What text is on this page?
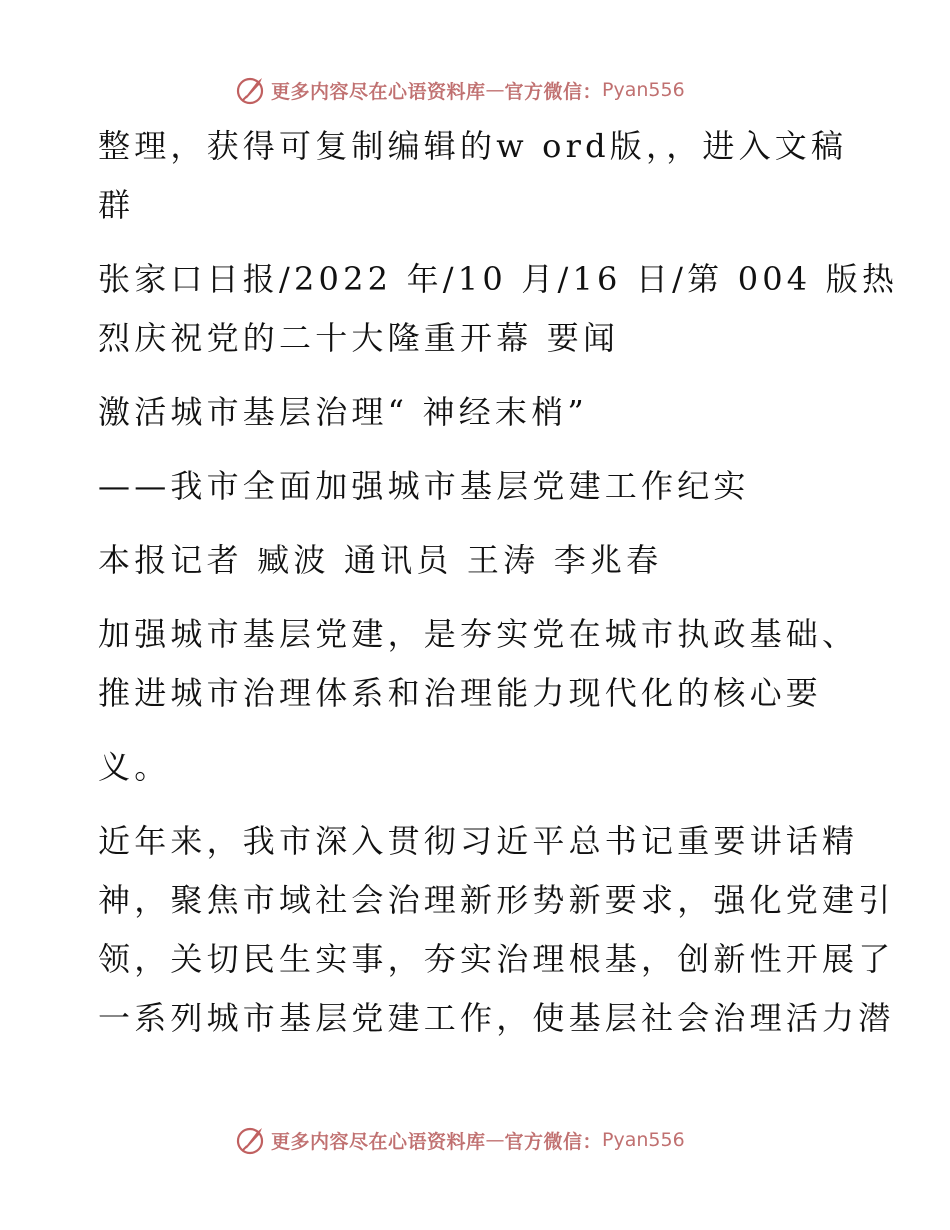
更多内容尽在心语资料库 — 官方微信： Pyan556
整理，获得可复制编辑的w ord版，，进入文稿
群
张家口日报/2022 年/10 月/16 日/第 004 版热
烈庆祝党的二十大隆重开幕 要闻
激活城市基层治理“ 神经末梢”
——我市全面加强城市基层党建工作纪实
本报记者 臧波 通讯员 王涛 李兆春
加强城市基层党建，是夯实党在城市执政基础、
推进城市治理体系和治理能力现代化的核心要
义。
近年来，我市深入贯彻习近平总书记重要讲话精
神，聚焦市域社会治理新形势新要求，强化党建引
领，关切民生实事，夯实治理根基，创新性开展了
一系列城市基层党建工作，使基层社会治理活力潜
更多内容尽在心语资料库 — 官方微信： Pyan556
